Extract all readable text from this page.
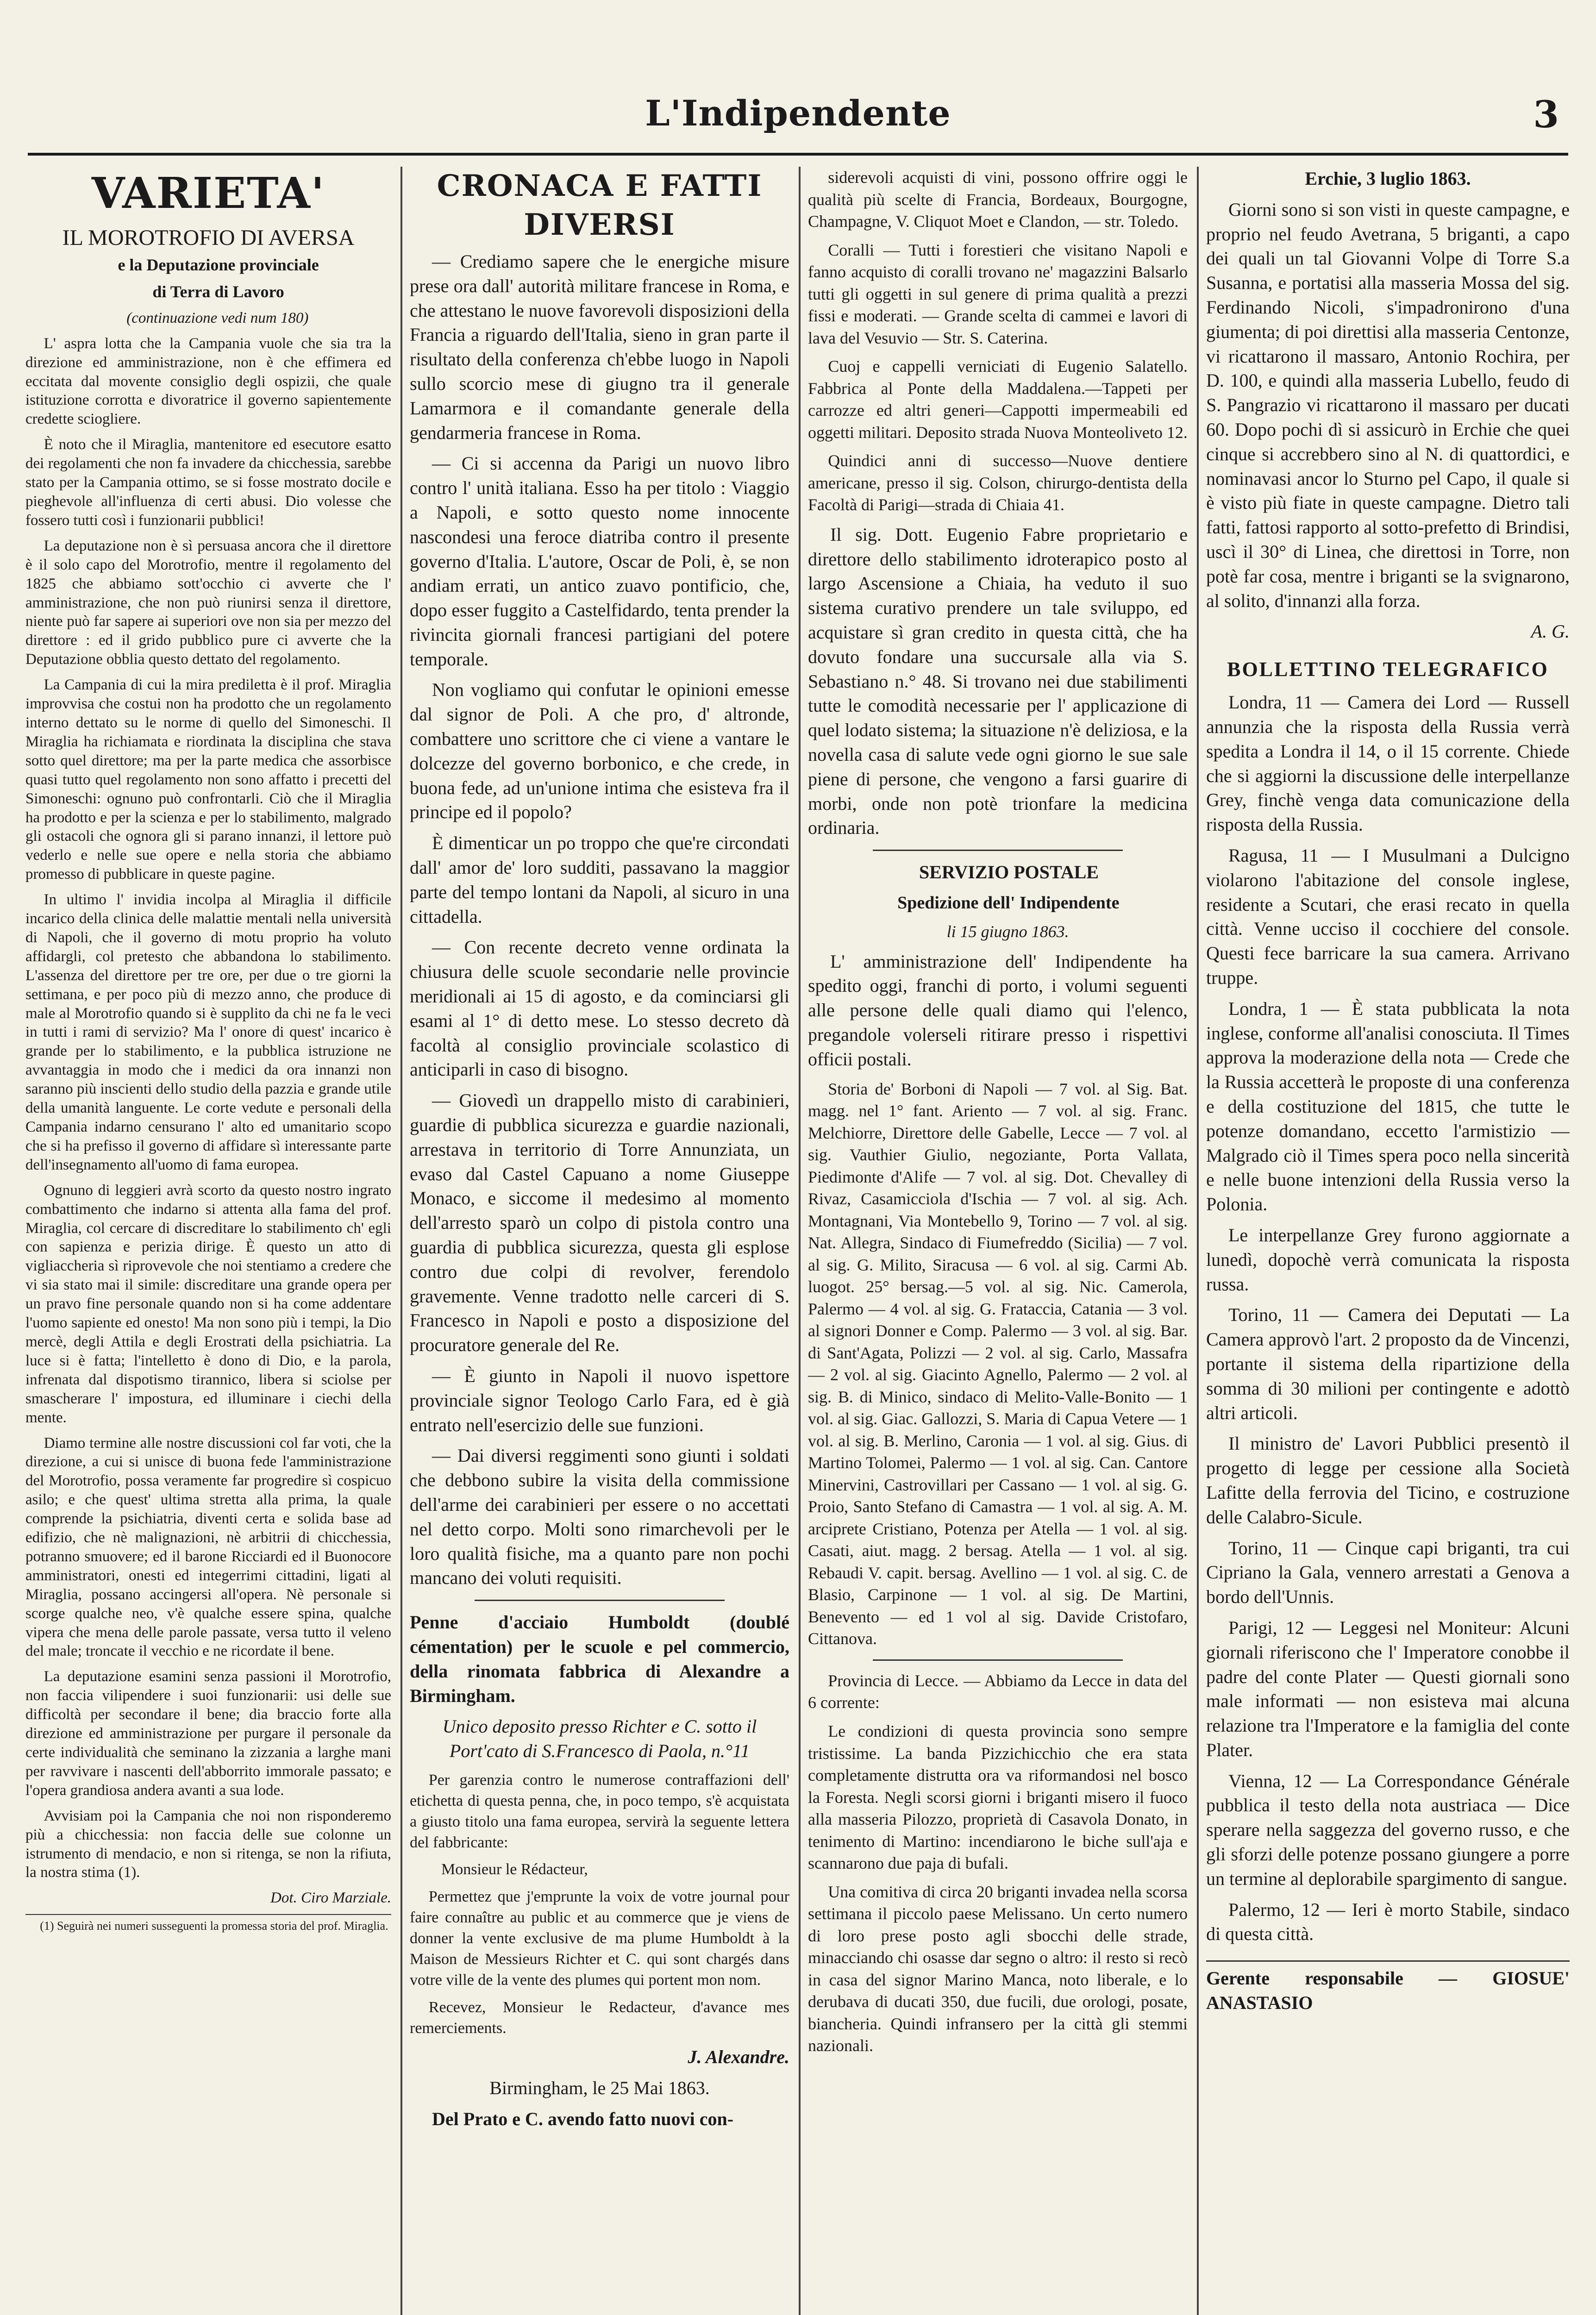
L'Indipendente	3
VARIETA'
IL MOROTROFIO DI AVERSA

e la Deputazione provinciale

di Terra di Lavoro

(continuazione vedi num 180)

L' aspra lotta che la Campania vuole che sia tra la direzione ed amministrazione, non è che effimera ed eccitata dal movente consiglio degli ospizii, che quale istituzione corrotta e divoratrice il governo sapientemente credette sciogliere.

È noto che il Miraglia, mantenitore ed esecutore esatto dei regolamenti che non fa invadere da chicchessia, sarebbe stato per la Campania ottimo, se si fosse mostrato docile e pieghevole all'influenza di certi abusi. Dio volesse che fossero tutti così i funzionarii pubblici!

La deputazione non è sì persuasa ancora che il direttore è il solo capo del Morotrofio, mentre il regolamento del 1825 che abbiamo sott'occhio ci avverte che l' amministrazione, che non può riunirsi senza il direttore, niente può far sapere ai superiori ove non sia per mezzo del direttore : ed il grido pubblico pure ci avverte che la Deputazione obblia questo dettato del regolamento.

La Campania di cui la mira prediletta è il prof. Miraglia improvvisa che costui non ha prodotto che un regolamento interno dettato su le norme di quello del Simoneschi. Il Miraglia ha richiamata e riordinata la disciplina che stava sotto quel direttore; ma per la parte medica che assorbisce quasi tutto quel regolamento non sono affatto i precetti del Simoneschi: ognuno può confrontarli. Ciò che il Miraglia ha prodotto e per la scienza e per lo stabilimento, malgrado gli ostacoli che ognora gli si parano innanzi, il lettore può vederlo e nelle sue opere e nella storia che abbiamo promesso di pubblicare in queste pagine.

In ultimo l' invidia incolpa al Miraglia il difficile incarico della clinica delle malattie mentali nella università di Napoli, che il governo di motu proprio ha voluto affidargli, col pretesto che abbandona lo stabilimento. L'assenza del direttore per tre ore, per due o tre giorni la settimana, e per poco più di mezzo anno, che produce di male al Morotrofio quando si è supplito da chi ne fa le veci in tutti i rami di servizio? Ma l' onore di quest' incarico è grande per lo stabilimento, e la pubblica istruzione ne avvantaggia in modo che i medici da ora innanzi non saranno più inscienti dello studio della pazzia e grande utile della umanità languente. Le corte vedute e personali della Campania indarno censurano l' alto ed umanitario scopo che si ha prefisso il governo di affidare sì interessante parte dell'insegnamento all'uomo di fama europea.

Ognuno di leggieri avrà scorto da questo nostro ingrato combattimento che indarno si attenta alla fama del prof. Miraglia, col cercare di discreditare lo stabilimento ch' egli con sapienza e perizia dirige. È questo un atto di vigliaccheria sì riprovevole che noi stentiamo a credere che vi sia stato mai il simile: discreditare una grande opera per un pravo fine personale quando non si ha come addentare l'uomo sapiente ed onesto! Ma non sono più i tempi, la Dio mercè, degli Attila e degli Erostrati della psichiatria. La luce si è fatta; l'intelletto è dono di Dio, e la parola, infrenata dal dispotismo tirannico, libera si sciolse per smascherare l' impostura, ed illuminare i ciechi della mente.

Diamo termine alle nostre discussioni col far voti, che la direzione, a cui si unisce di buona fede l'amministrazione del Morotrofio, possa veramente far progredire sì cospicuo asilo; e che quest' ultima stretta alla prima, la quale comprende la psichiatria, diventi certa e solida base ad edifizio, che nè malignazioni, nè arbitrii di chicchessia, potranno smuovere; ed il barone Ricciardi ed il Buonocore amministratori, onesti ed integerrimi cittadini, ligati al Miraglia, possano accingersi all'opera. Nè personale si scorge qualche neo, v'è qualche essere spina, qualche vipera che mena delle parole passate, versa tutto il veleno del male; troncate il vecchio e ne ricordate il bene.

La deputazione esamini senza passioni il Morotrofio, non faccia vilipendere i suoi funzionarii: usi delle sue difficoltà per secondare il bene; dia braccio forte alla direzione ed amministrazione per purgare il personale da certe individualità che seminano la zizzania a larghe mani per ravvivare i nascenti dell'abborrito immorale passato; e l'opera grandiosa andera avanti a sua lode.

Avvisiam poi la Campania che noi non risponderemo più a chicchessia: non faccia delle sue colonne un istrumento di mendacio, e non si ritenga, se non la rifiuta, la nostra stima (1).

Dot. Ciro Marziale.

(1) Seguirà nei numeri susseguenti la promessa storia del prof. Miraglia.

CRONACA E FATTI DIVERSI

— Crediamo sapere che le energiche misure prese ora dall' autorità militare francese in Roma, e che attestano le nuove favorevoli disposizioni della Francia a riguardo dell'Italia, sieno in gran parte il risultato della conferenza ch'ebbe luogo in Napoli sullo scorcio mese di giugno tra il generale Lamarmora e il comandante generale della gendarmeria francese in Roma.

— Ci si accenna da Parigi un nuovo libro contro l' unità italiana. Esso ha per titolo : Viaggio a Napoli, e sotto questo nome innocente nascondesi una feroce diatriba contro il presente governo d'Italia. L'autore, Oscar de Poli, è, se non andiam errati, un antico zuavo pontificio, che, dopo esser fuggito a Castelfidardo, tenta prender la rivincita giornali francesi partigiani del potere temporale.

Non vogliamo qui confutar le opinioni emesse dal signor de Poli. A che pro, d' altronde, combattere uno scrittore che ci viene a vantare le dolcezze del governo borbonico, e che crede, in buona fede, ad un'unione intima che esisteva fra il principe ed il popolo?

È dimenticar un po troppo che que're circondati dall' amor de' loro sudditi, passavano la maggior parte del tempo lontani da Napoli, al sicuro in una cittadella.

— Con recente decreto venne ordinata la chiusura delle scuole secondarie nelle provincie meridionali ai 15 di agosto, e da cominciarsi gli esami al 1° di detto mese. Lo stesso decreto dà facoltà al consiglio provinciale scolastico di anticiparli in caso di bisogno.

— Giovedì un drappello misto di carabinieri, guardie di pubblica sicurezza e guardie nazionali, arrestava in territorio di Torre Annunziata, un evaso dal Castel Capuano a nome Giuseppe Monaco, e siccome il medesimo al momento dell'arresto sparò un colpo di pistola contro una guardia di pubblica sicurezza, questa gli esplose contro due colpi di revolver, ferendolo gravemente. Venne tradotto nelle carceri di S. Francesco in Napoli e posto a disposizione del procuratore generale del Re.

— È giunto in Napoli il nuovo ispettore provinciale signor Teologo Carlo Fara, ed è già entrato nell'esercizio delle sue funzioni.

— Dai diversi reggimenti sono giunti i soldati che debbono subire la visita della commissione dell'arme dei carabinieri per essere o no accettati nel detto corpo. Molti sono rimarchevoli per le loro qualità fisiche, ma a quanto pare non pochi mancano dei voluti requisiti.

Penne d'acciaio Humboldt (doublé cémentation) per le scuole e pel commercio, della rinomata fabbrica di Alexandre a Birmingham.

Unico deposito presso Richter e C. sotto il Port'cato di S.Francesco di Paola, n.°11

Per garenzia contro le numerose contraffazioni dell' etichetta di questa penna, che, in poco tempo, s'è acquistata a giusto titolo una fama europea, servirà la seguente lettera del fabbricante:

Monsieur le Rédacteur,

Permettez que j'emprunte la voix de votre journal pour faire connaître au public et au commerce que je viens de donner la vente exclusive de ma plume Humboldt à la Maison de Messieurs Richter et C. qui sont chargés dans votre ville de la vente des plumes qui portent mon nom.

Recevez, Monsieur le Redacteur, d'avance mes remerciements.

J. Alexandre.

Birmingham, le 25 Mai 1863.

Del Prato e C. avendo fatto nuovi con-

siderevoli acquisti di vini, possono offrire oggi le qualità più scelte di Francia, Bordeaux, Bourgogne, Champagne, V. Cliquot Moet e Clandon, — str. Toledo.

Coralli — Tutti i forestieri che visitano Napoli e fanno acquisto di coralli trovano ne' magazzini Balsarlo tutti gli oggetti in sul genere di prima qualità a prezzi fissi e moderati. — Grande scelta di cammei e lavori di lava del Vesuvio — Str. S. Caterina.

Cuoj e cappelli verniciati di Eugenio Salatello. Fabbrica al Ponte della Maddalena.—Tappeti per carrozze ed altri generi—Cappotti impermeabili ed oggetti militari. Deposito strada Nuova Monteoliveto 12.

Quindici anni di successo—Nuove dentiere americane, presso il sig. Colson, chirurgo-dentista della Facoltà di Parigi—strada di Chiaia 41.

Il sig. Dott. Eugenio Fabre proprietario e direttore dello stabilimento idroterapico posto al largo Ascensione a Chiaia, ha veduto il suo sistema curativo prendere un tale sviluppo, ed acquistare sì gran credito in questa città, che ha dovuto fondare una succursale alla via S. Sebastiano n.° 48. Si trovano nei due stabilimenti tutte le comodità necessarie per l' applicazione di quel lodato sistema; la situazione n'è deliziosa, e la novella casa di salute vede ogni giorno le sue sale piene di persone, che vengono a farsi guarire di morbi, onde non potè trionfare la medicina ordinaria.

SERVIZIO POSTALE

Spedizione dell' Indipendente

li 15 giugno 1863.

L' amministrazione dell' Indipendente ha spedito oggi, franchi di porto, i volumi seguenti alle persone delle quali diamo qui l'elenco, pregandole volerseli ritirare presso i rispettivi officii postali.

Storia de' Borboni di Napoli — 7 vol. al Sig. Bat. magg. nel 1° fant. Ariento — 7 vol. al sig. Franc. Melchiorre, Direttore delle Gabelle, Lecce — 7 vol. al sig. Vauthier Giulio, negoziante, Porta Vallata, Piedimonte d'Alife — 7 vol. al sig. Dot. Chevalley di Rivaz, Casamicciola d'Ischia — 7 vol. al sig. Ach. Montagnani, Via Montebello 9, Torino — 7 vol. al sig. Nat. Allegra, Sindaco di Fiumefreddo (Sicilia) — 7 vol. al sig. G. Milito, Siracusa — 6 vol. al sig. Carmi Ab. luogot. 25° bersag.—5 vol. al sig. Nic. Camerola, Palermo — 4 vol. al sig. G. Frataccia, Catania — 3 vol. al signori Donner e Comp. Palermo — 3 vol. al sig. Bar. di Sant'Agata, Polizzi — 2 vol. al sig. Carlo, Massafra — 2 vol. al sig. Giacinto Agnello, Palermo — 2 vol. al sig. B. di Minico, sindaco di Melito-Valle-Bonito — 1 vol. al sig. Giac. Gallozzi, S. Maria di Capua Vetere — 1 vol. al sig. B. Merlino, Caronia — 1 vol. al sig. Gius. di Martino Tolomei, Palermo — 1 vol. al sig. Can. Cantore Minervini, Castrovillari per Cassano — 1 vol. al sig. G. Proio, Santo Stefano di Camastra — 1 vol. al sig. A. M. arciprete Cristiano, Potenza per Atella — 1 vol. al sig. Casati, aiut. magg. 2 bersag. Atella — 1 vol. al sig. Rebaudi V. capit. bersag. Avellino — 1 vol. al sig. C. de Blasio, Carpinone — 1 vol. al sig. De Martini, Benevento — ed 1 vol al sig. Davide Cristofaro, Cittanova.

Provincia di Lecce. — Abbiamo da Lecce in data del 6 corrente:

Le condizioni di questa provincia sono sempre tristissime. La banda Pizzichicchio che era stata completamente distrutta ora va riformandosi nel bosco la Foresta. Negli scorsi giorni i briganti misero il fuoco alla masseria Pilozzo, proprietà di Casavola Donato, in tenimento di Martino: incendiarono le biche sull'aja e scannarono due paja di bufali.

Una comitiva di circa 20 briganti invadea nella scorsa settimana il piccolo paese Melissano. Un certo numero di loro prese posto agli sbocchi delle strade, minacciando chi osasse dar segno o altro: il resto si recò in casa del signor Marino Manca, noto liberale, e lo derubava di ducati 350, due fucili, due orologi, posate, biancheria. Quindi infransero per la città gli stemmi nazionali.

Erchie, 3 luglio 1863.

Giorni sono si son visti in queste campagne, e proprio nel feudo Avetrana, 5 briganti, a capo dei quali un tal Giovanni Volpe di Torre S.a Susanna, e portatisi alla masseria Mossa del sig. Ferdinando Nicoli, s'impadronirono d'una giumenta; di poi direttisi alla masseria Centonze, vi ricattarono il massaro, Antonio Rochira, per D. 100, e quindi alla masseria Lubello, feudo di S. Pangrazio vi ricattarono il massaro per ducati 60. Dopo pochi dì si assicurò in Erchie che quei cinque si accrebbero sino al N. di quattordici, e nominavasi ancor lo Sturno pel Capo, il quale si è visto più fiate in queste campagne. Dietro tali fatti, fattosi rapporto al sotto-prefetto di Brindisi, uscì il 30° di Linea, che direttosi in Torre, non potè far cosa, mentre i briganti se la svignarono, al solito, d'innanzi alla forza.

A. G.

BOLLETTINO TELEGRAFICO

Londra, 11 — Camera dei Lord — Russell annunzia che la risposta della Russia verrà spedita a Londra il 14, o il 15 corrente. Chiede che si aggiorni la discussione delle interpellanze Grey, finchè venga data comunicazione della risposta della Russia.

Ragusa, 11 — I Musulmani a Dulcigno violarono l'abitazione del console inglese, residente a Scutari, che erasi recato in quella città. Venne ucciso il cocchiere del console. Questi fece barricare la sua camera. Arrivano truppe.

Londra, 1 — È stata pubblicata la nota inglese, conforme all'analisi conosciuta. Il Times approva la moderazione della nota — Crede che la Russia accetterà le proposte di una conferenza e della costituzione del 1815, che tutte le potenze domandano, eccetto l'armistizio — Malgrado ciò il Times spera poco nella sincerità e nelle buone intenzioni della Russia verso la Polonia.

Le interpellanze Grey furono aggiornate a lunedì, dopochè verrà comunicata la risposta russa.

Torino, 11 — Camera dei Deputati — La Camera approvò l'art. 2 proposto da de Vincenzi, portante il sistema della ripartizione della somma di 30 milioni per contingente e adottò altri articoli.

Il ministro de' Lavori Pubblici presentò il progetto di legge per cessione alla Società Lafitte della ferrovia del Ticino, e costruzione delle Calabro-Sicule.

Torino, 11 — Cinque capi briganti, tra cui Cipriano la Gala, vennero arrestati a Genova a bordo dell'Unnis.

Parigi, 12 — Leggesi nel Moniteur: Alcuni giornali riferiscono che l' Imperatore conobbe il padre del conte Plater — Questi giornali sono male informati — non esisteva mai alcuna relazione tra l'Imperatore e la famiglia del conte Plater.

Vienna, 12 — La Correspondance Générale pubblica il testo della nota austriaca — Dice sperare nella saggezza del governo russo, e che gli sforzi delle potenze possano giungere a porre un termine al deplorabile spargimento di sangue.

Palermo, 12 — Ieri è morto Stabile, sindaco di questa città.

Gerente responsabile — GIOSUE' ANASTASIO
